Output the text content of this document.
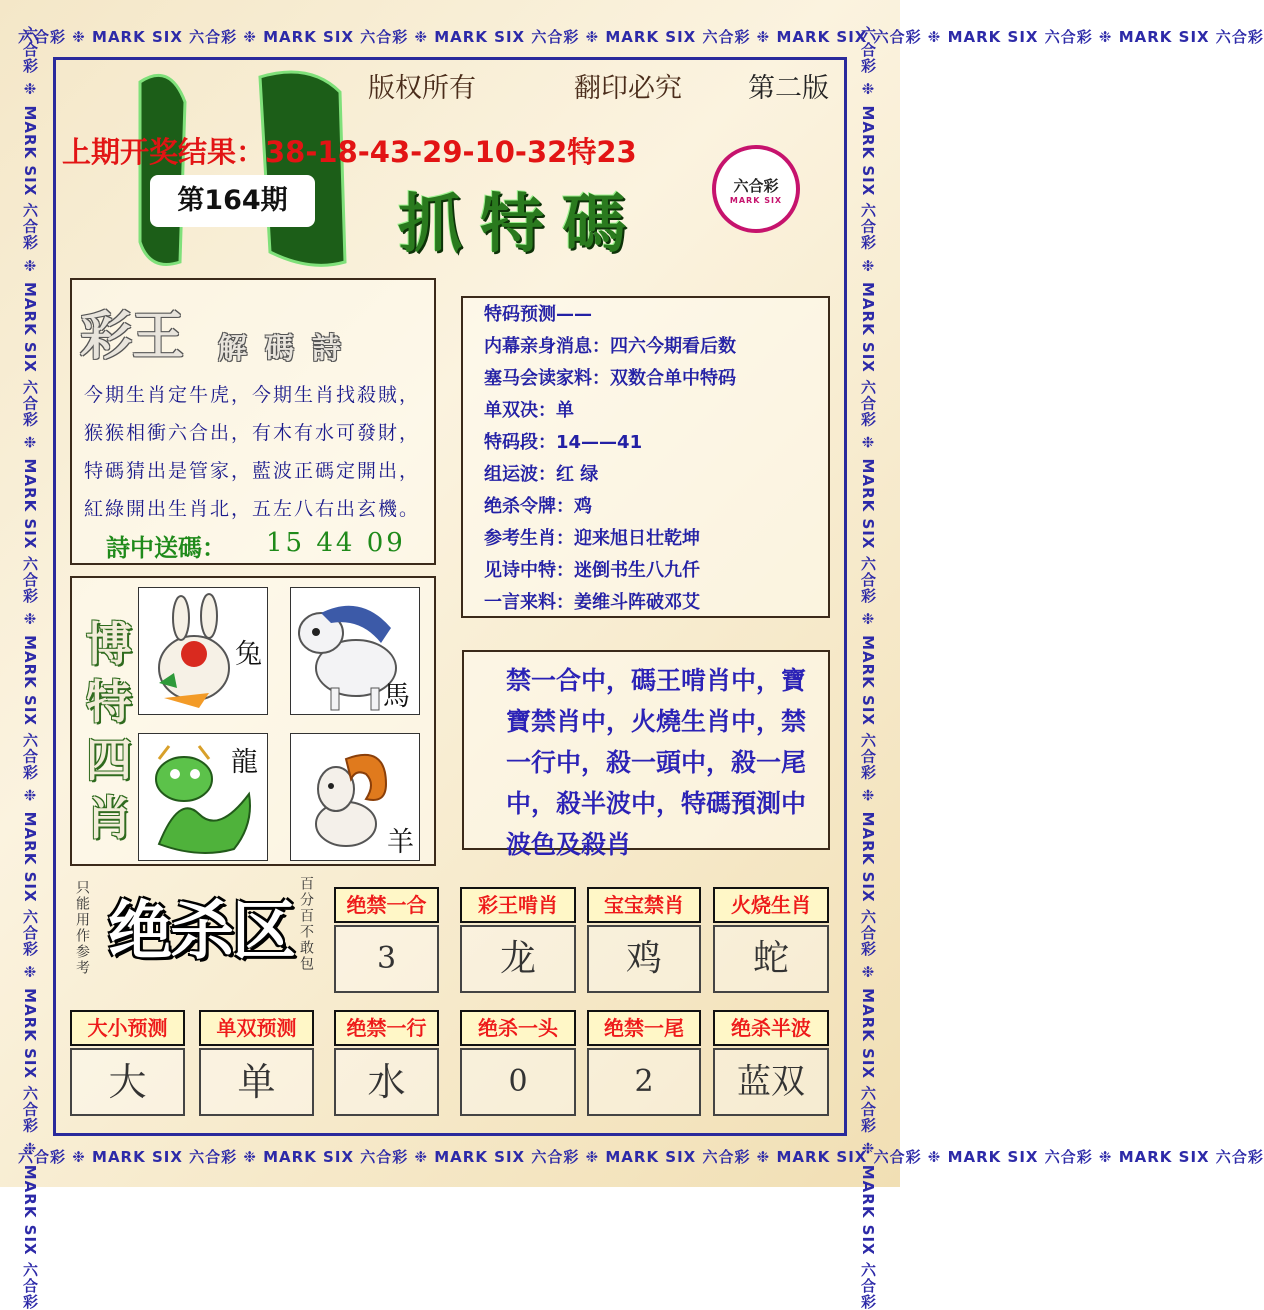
六合彩 ❉ MARK SIX 六合彩 ❉ MARK SIX 六合彩 ❉ MARK SIX 六合彩 ❉ MARK SIX 六合彩 ❉ MARK SIX 六合彩 ❉ MARK SIX 六合彩 ❉ MARK SIX 六合彩
六合彩 ❉ MARK SIX 六合彩 ❉ MARK SIX 六合彩 ❉ MARK SIX 六合彩 ❉ MARK SIX 六合彩 ❉ MARK SIX 六合彩 ❉ MARK SIX 六合彩 ❉ MARK SIX 六合彩
六合彩 ❉ MARK SIX 六合彩 ❉ MARK SIX 六合彩 ❉ MARK SIX 六合彩 ❉ MARK SIX 六合彩 ❉ MARK SIX 六合彩 ❉ MARK SIX 六合彩 ❉ MARK SIX 六合彩	六合彩 ❉ MARK SIX 六合彩 ❉ MARK SIX 六合彩 ❉ MARK SIX 六合彩 ❉ MARK SIX 六合彩 ❉ MARK SIX 六合彩 ❉ MARK SIX 六合彩 ❉ MARK SIX 六合彩
版权所有	翻印必究 第二版
上期开奖结果：38-18-43-29-10-32特23
第164期	抓特碼
六合彩
MARK SIX
彩王 解碼詩
今期生肖定牛虎，今期生肖找殺賊，
猴猴相衝六合出，有木有水可發財，
特碼猜出是管家，藍波正碼定開出，
紅綠開出生肖北，五左八右出玄機。
詩中送碼： 15 44 09
特码预测——
内幕亲身消息：四六今期看后数
塞马会读家料：双数合单中特码
单双决：单
特码段：14——41
组运波：红 绿
绝杀令牌：鸡
参考生肖：迎来旭日壮乾坤
见诗中特：迷倒书生八九仟
一言来料：姜维斗阵破邓艾
博
特
四
肖
兔
馬
龍
羊
禁一合中，碼王啃肖中，寶寶禁肖中，火燒生肖中，禁一行中，殺一頭中，殺一尾中，殺半波中，特碼預測中波色及殺肖
只能用作参考 绝杀区 百分百不敢包	绝禁一合	彩王啃肖	宝宝禁肖	火烧生肖
3	龙	鸡	蛇
大小预测	单双预测	绝禁一行	绝杀一头	绝禁一尾	绝杀半波
大	单	水	0	2	蓝双
